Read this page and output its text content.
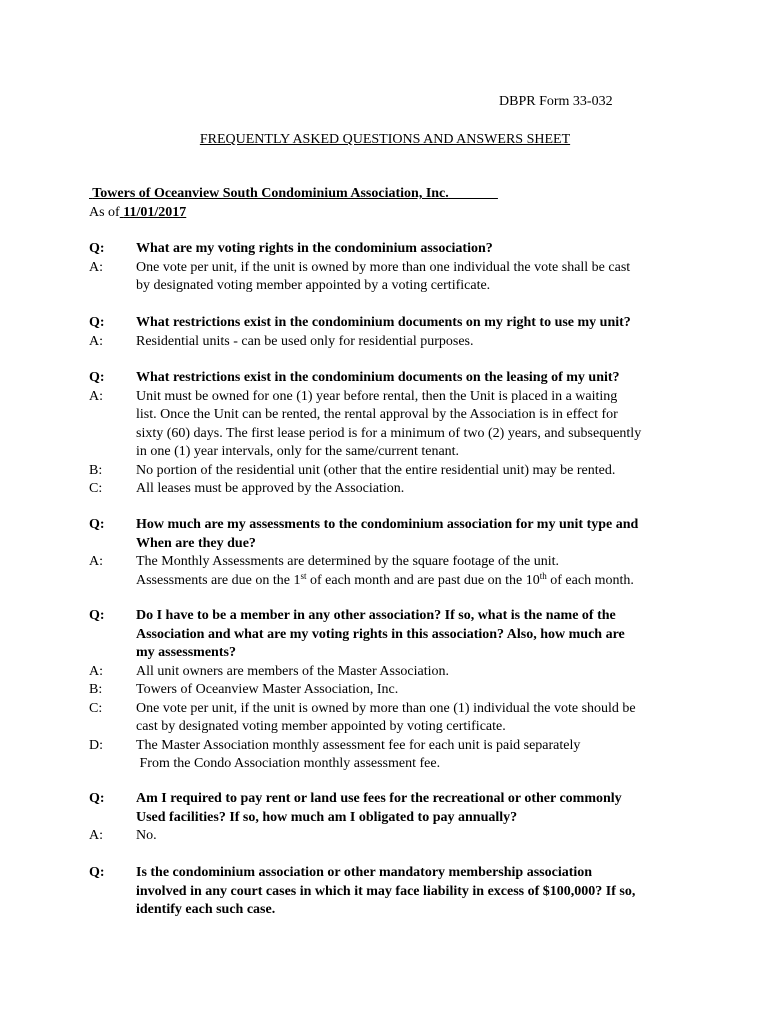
DBPR Form 33-032
FREQUENTLY ASKED QUESTIONS AND ANSWERS SHEET
Towers of Oceanview South Condominium Association, Inc._______
As of 11/01/2017
Q:	What are my voting rights in the condominium association?
A:	One vote per unit, if the unit is owned by more than one individual the vote shall be cast
by designated voting member appointed by a voting certificate.
Q:	What restrictions exist in the condominium documents on my right to use my unit?
A:	Residential units - can be used only for residential purposes.
Q:	What restrictions exist in the condominium documents on the leasing of my unit?
A:	Unit must be owned for one (1) year before rental, then the Unit is placed in a waiting
list. Once the Unit can be rented, the rental approval by the Association is in effect for
sixty (60) days. The first lease period is for a minimum of two (2) years, and subsequently
in one (1) year intervals, only for the same/current tenant.
B:	No portion of the residential unit (other that the entire residential unit) may be rented.
C:	All leases must be approved by the Association.
Q:	How much are my assessments to the condominium association for my unit type and
When are they due?
A:	The Monthly Assessments are determined by the square footage of the unit.
Assessments are due on the 1st of each month and are past due on the 10th of each month.
Q:	Do I have to be a member in any other association? If so, what is the name of the
Association and what are my voting rights in this association? Also, how much are
my assessments?
A:	All unit owners are members of the Master Association.
B:	Towers of Oceanview Master Association, Inc.
C:	One vote per unit, if the unit is owned by more than one (1) individual the vote should be
cast by designated voting member appointed by voting certificate.
D:	The Master Association monthly assessment fee for each unit is paid separately
From the Condo Association monthly assessment fee.
Q:	Am I required to pay rent or land use fees for the recreational or other commonly
Used facilities? If so, how much am I obligated to pay annually?
A:	No.
Q:	Is the condominium association or other mandatory membership association
involved in any court cases in which it may face liability in excess of $100,000? If so,
identify each such case.
